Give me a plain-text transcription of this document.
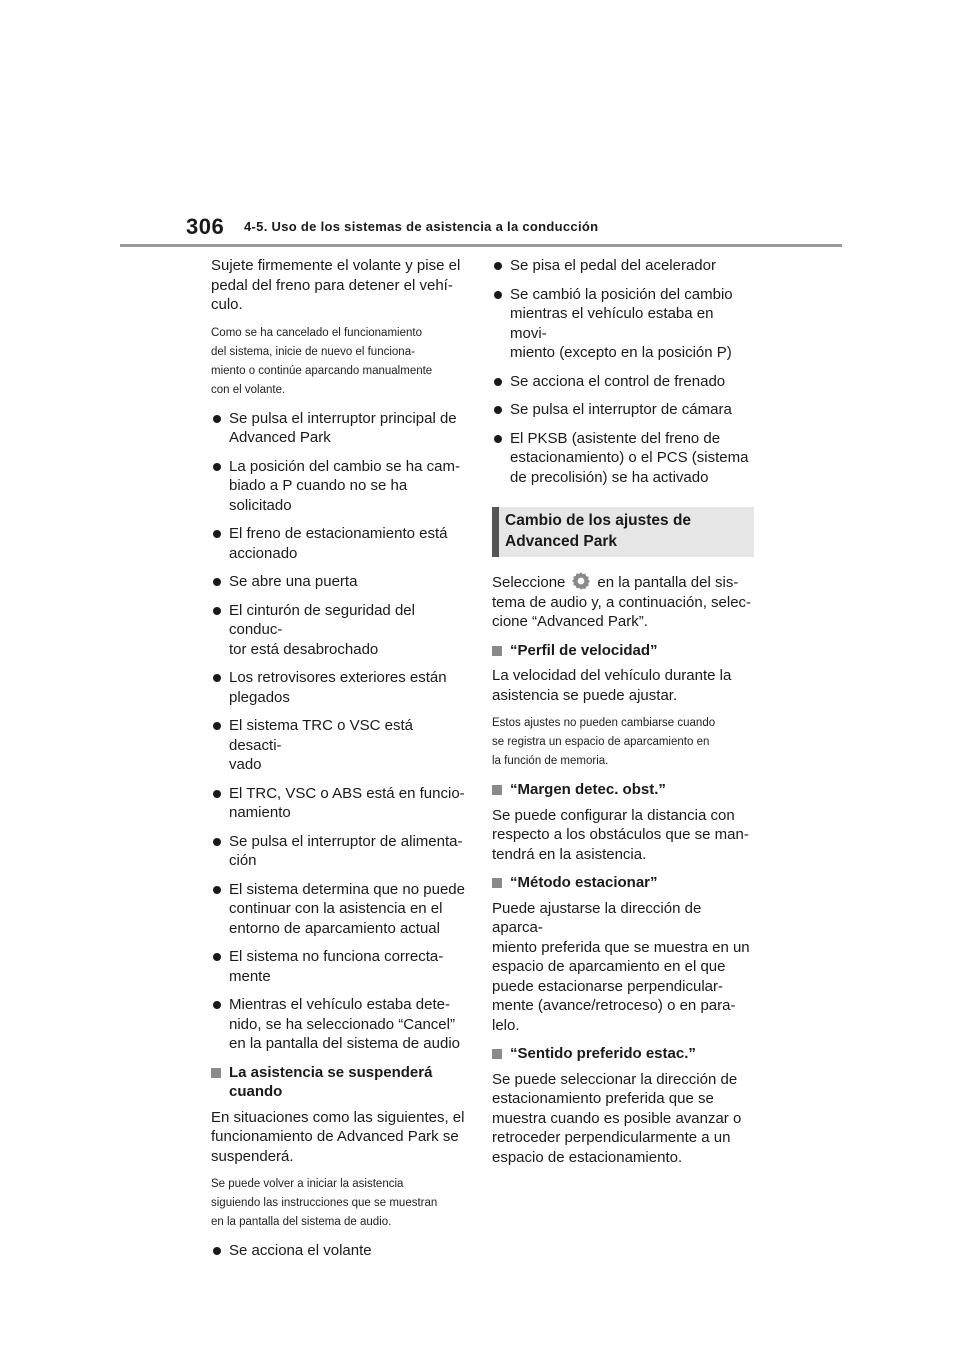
306 4-5. Uso de los sistemas de asistencia a la conducción

Sujete firmemente el volante y pise el
pedal del freno para detener el vehí-
culo.

Como se ha cancelado el funcionamiento
del sistema, inicie de nuevo el funciona-
miento o continúe aparcando manualmente
con el volante.

Se pulsa el interruptor principal de
Advanced Park
La posición del cambio se ha cam-
biado a P cuando no se ha solicitado
El freno de estacionamiento está
accionado
Se abre una puerta
El cinturón de seguridad del conduc-
tor está desabrochado
Los retrovisores exteriores están
plegados
El sistema TRC o VSC está desacti-
vado
El TRC, VSC o ABS está en funcio-
namiento
Se pulsa el interruptor de alimenta-
ción
El sistema determina que no puede
continuar con la asistencia en el
entorno de aparcamiento actual
El sistema no funciona correcta-
mente
Mientras el vehículo estaba dete-
nido, se ha seleccionado “Cancel”
en la pantalla del sistema de audio
La asistencia se suspenderá
cuando

En situaciones como las siguientes, el
funcionamiento de Advanced Park se
suspenderá.

Se puede volver a iniciar la asistencia
siguiendo las instrucciones que se muestran
en la pantalla del sistema de audio.

Se acciona el volante
Se pisa el pedal del acelerador
Se cambió la posición del cambio
mientras el vehículo estaba en movi-
miento (excepto en la posición P)
Se acciona el control de frenado
Se pulsa el interruptor de cámara
El PKSB (asistente del freno de
estacionamiento) o el PCS (sistema
de precolisión) se ha activado
Cambio de los ajustes de
Advanced Park

Seleccione en la pantalla del sis-
tema de audio y, a continuación, selec-
cione “Advanced Park”.

“Perfil de velocidad”

La velocidad del vehículo durante la
asistencia se puede ajustar.

Estos ajustes no pueden cambiarse cuando
se registra un espacio de aparcamiento en
la función de memoria.

“Margen detec. obst.”

Se puede configurar la distancia con
respecto a los obstáculos que se man-
tendrá en la asistencia.

“Método estacionar”

Puede ajustarse la dirección de aparca-
miento preferida que se muestra en un
espacio de aparcamiento en el que
puede estacionarse perpendicular-
mente (avance/retroceso) o en para-
lelo.

“Sentido preferido estac.”

Se puede seleccionar la dirección de
estacionamiento preferida que se
muestra cuando es posible avanzar o
retroceder perpendicularmente a un
espacio de estacionamiento.
